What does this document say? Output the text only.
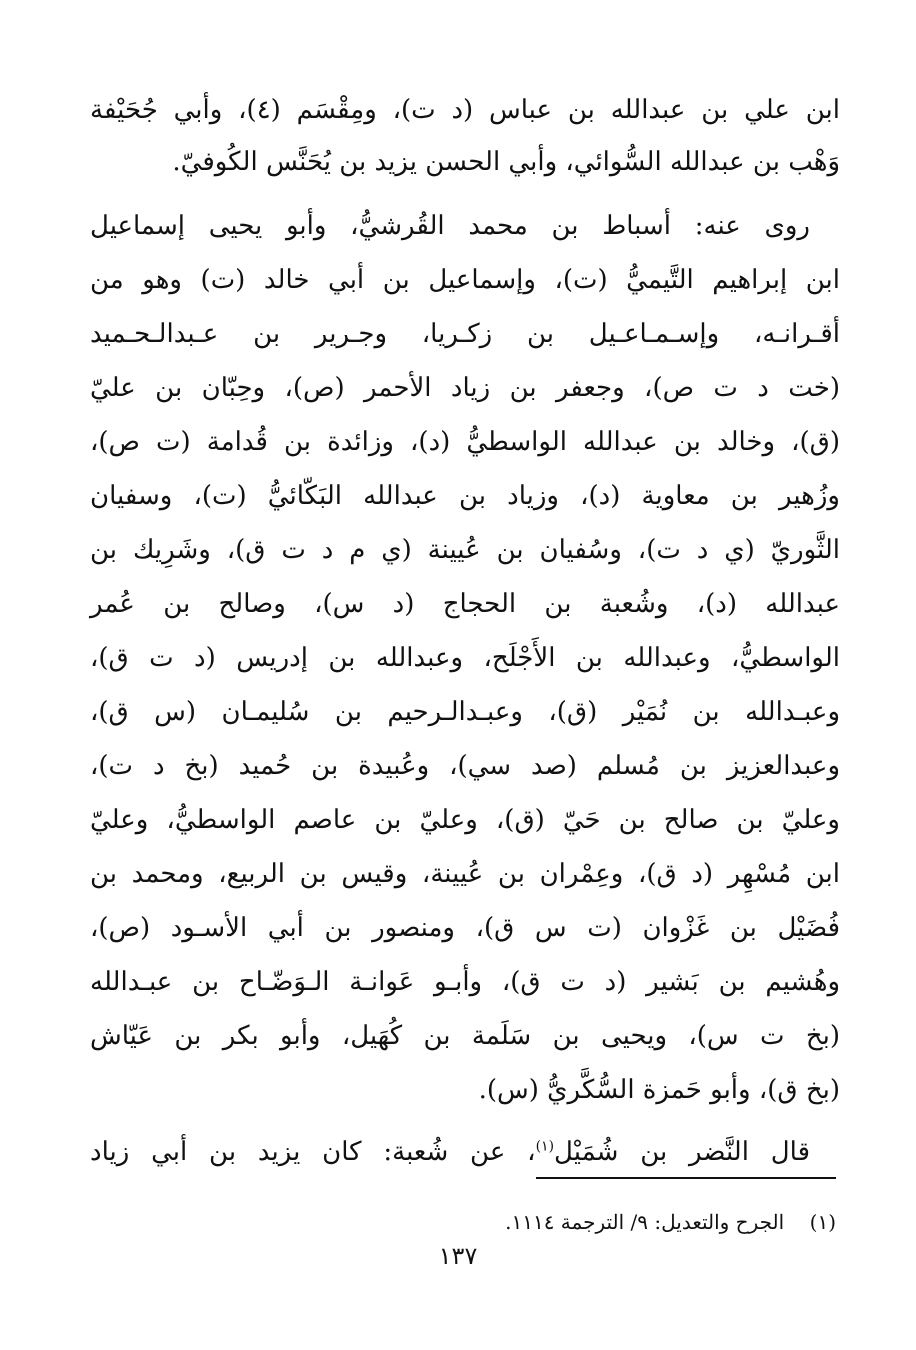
ابن علي بن عبدالله بن عباس (د ت)، ومِقْسَم (٤)، وأبي جُحَيْفة
وَهْب بن عبدالله السُّوائي، وأبي الحسن يزيد بن يُحَنَّس الكُوفيّ.
روى عنه: أسباط بن محمد القُرشيُّ، وأبو يحيى إسماعيل
ابن إبراهيم التَّيميُّ (ت)، وإسماعيل بن أبي خالد (ت) وهو من
أقـرانـه، وإسـمـاعـيل بن زكـريا، وجـرير بن عـبدالـحـميد
(خت د ت ص)، وجعفر بن زياد الأحمر (ص)، وحِبّان بن عليّ
(ق)، وخالد بن عبدالله الواسطيُّ (د)، وزائدة بن قُدامة (ت ص)،
وزُهير بن معاوية (د)، وزياد بن عبدالله البَكّائيُّ (ت)، وسفيان
الثَّوريّ (ي د ت)، وسُفيان بن عُيينة (ي م د ت ق)، وشَرِيك بن
عبدالله (د)، وشُعبة بن الحجاج (د س)، وصالح بن عُمر
الواسطيُّ، وعبدالله بن الأَجْلَح، وعبدالله بن إدريس (د ت ق)،
وعبـدالله بن نُمَيْر (ق)، وعبـدالـرحيم بن سُليمـان (س ق)،
وعبدالعزيز بن مُسلم (صد سي)، وعُبيدة بن حُميد (بخ د ت)،
وعليّ بن صالح بن حَيّ (ق)، وعليّ بن عاصم الواسطيُّ، وعليّ
ابن مُسْهِر (د ق)، وعِمْران بن عُيينة، وقيس بن الربيع، ومحمد بن
فُضَيْل بن غَزْوان (ت س ق)، ومنصور بن أبي الأسـود (ص)،
وهُشيم بن بَشير (د ت ق)، وأبـو عَوانـة الـوَضّـاح بن عبـدالله
(بخ ت س)، ويحيى بن سَلَمة بن كُهَيل، وأبو بكر بن عَيّاش
(بخ ق)، وأبو حَمزة السُّكَّريُّ (س).
قال النَّضر بن شُمَيْل$^{(١)}$، عن شُعبة: كان يزيد بن أبي زياد
(١)    الجرح والتعديل: ٩/ الترجمة ١١١٤.
١٣٧
